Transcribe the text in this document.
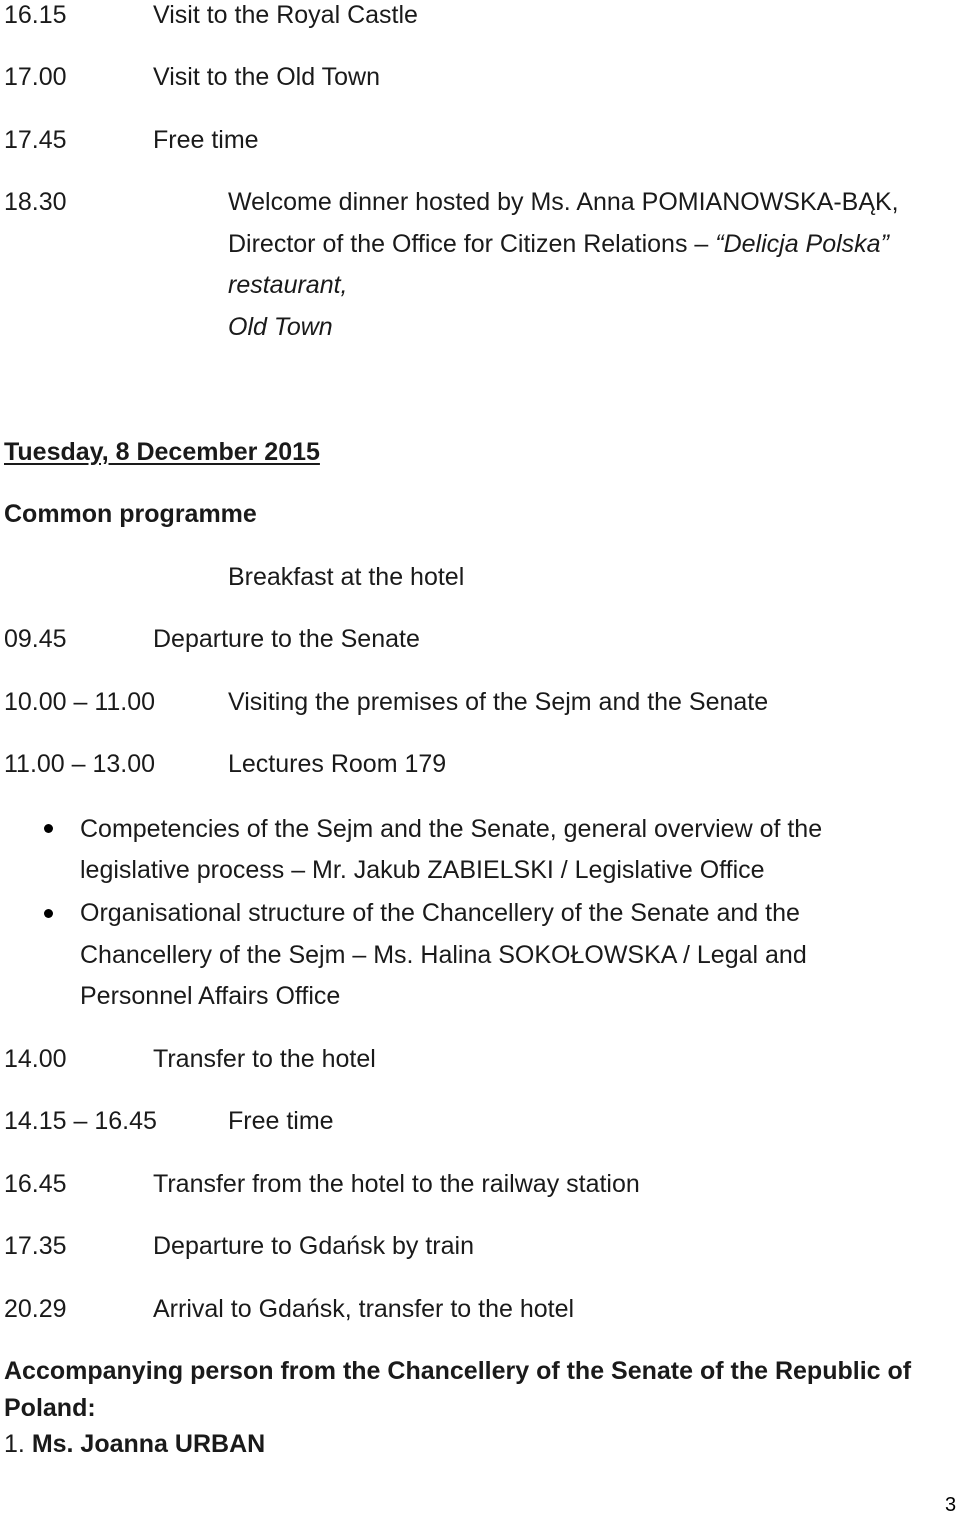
16.15	Visit to the Royal Castle
17.00	Visit to the Old Town
17.45	Free time
18.30	Welcome dinner hosted by Ms. Anna POMIANOWSKA-BĄK,
Director of the Office for Citizen Relations – “Delicja Polska”
restaurant,
Old Town
Tuesday, 8 December 2015
Common programme
Breakfast at the hotel
09.45	Departure to the Senate
10.00 – 11.00	Visiting the premises of the Sejm and the Senate
11.00 – 13.00	Lectures Room 179
Competencies of the Sejm and the Senate, general overview of the
legislative process – Mr. Jakub ZABIELSKI / Legislative Office
Organisational structure of the Chancellery of the Senate and the
Chancellery of the Sejm – Ms. Halina SOKOŁOWSKA / Legal and
Personnel Affairs Office
14.00	Transfer to the hotel
14.15 – 16.45	Free time
16.45	Transfer from the hotel to the railway station
17.35	Departure to Gdańsk by train
20.29	Arrival to Gdańsk, transfer to the hotel
Accompanying person from the Chancellery of the Senate of the Republic of
Poland:
1. Ms. Joanna URBAN
3
